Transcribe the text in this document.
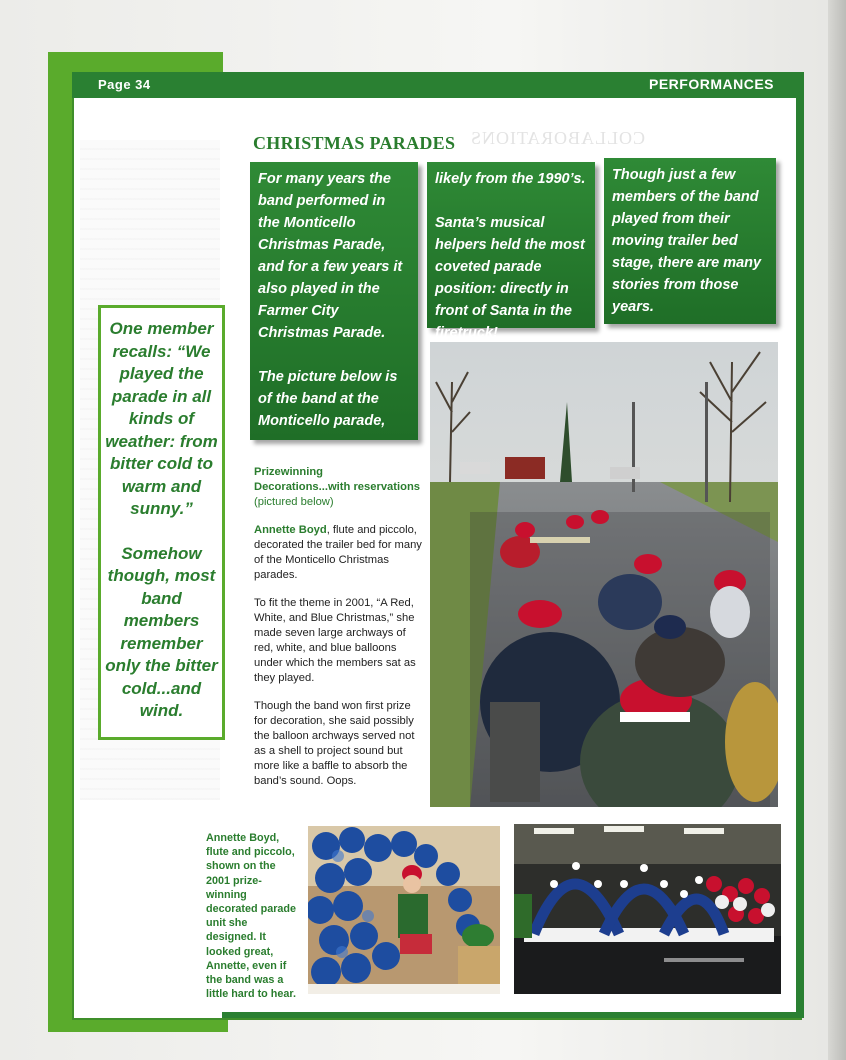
Page 34	PERFORMANCES
COLLABORATIONS
CHRISTMAS PARADES

For many years the band performed in the Monticello Christmas Parade, and for a few years it also played in the Farmer City Christmas Parade.

The picture below is of the band at the Monticello parade,

likely from the 1990’s.

Santa’s musical helpers held the most coveted parade position: directly in front of Santa in the firetruck!

Though just a few members of the band played from their moving trailer bed stage, there are many stories from those years.

One member recalls: “We played the parade in all kinds of weather: from bitter cold to warm and sunny.”

Somehow though, most band members remember only the bitter cold...and wind.

Prizewinning Decorations...with reservations
(pictured below)

Annette Boyd, flute and piccolo, decorated the trailer bed for many of the Monticello Christmas parades.

To fit the theme in 2001, “A Red, White, and Blue Christmas,” she made seven large archways of red, white, and blue balloons under which the members sat as they played.

Though the band won first prize for decoration, she said possibly the balloon archways served not as a shell to project sound but more like a baffle to absorb the band’s sound. Oops.

Annette Boyd, flute and piccolo, shown on the 2001 prize-winning decorated parade unit she designed. It looked great, Annette, even if the band was a little hard to hear.
